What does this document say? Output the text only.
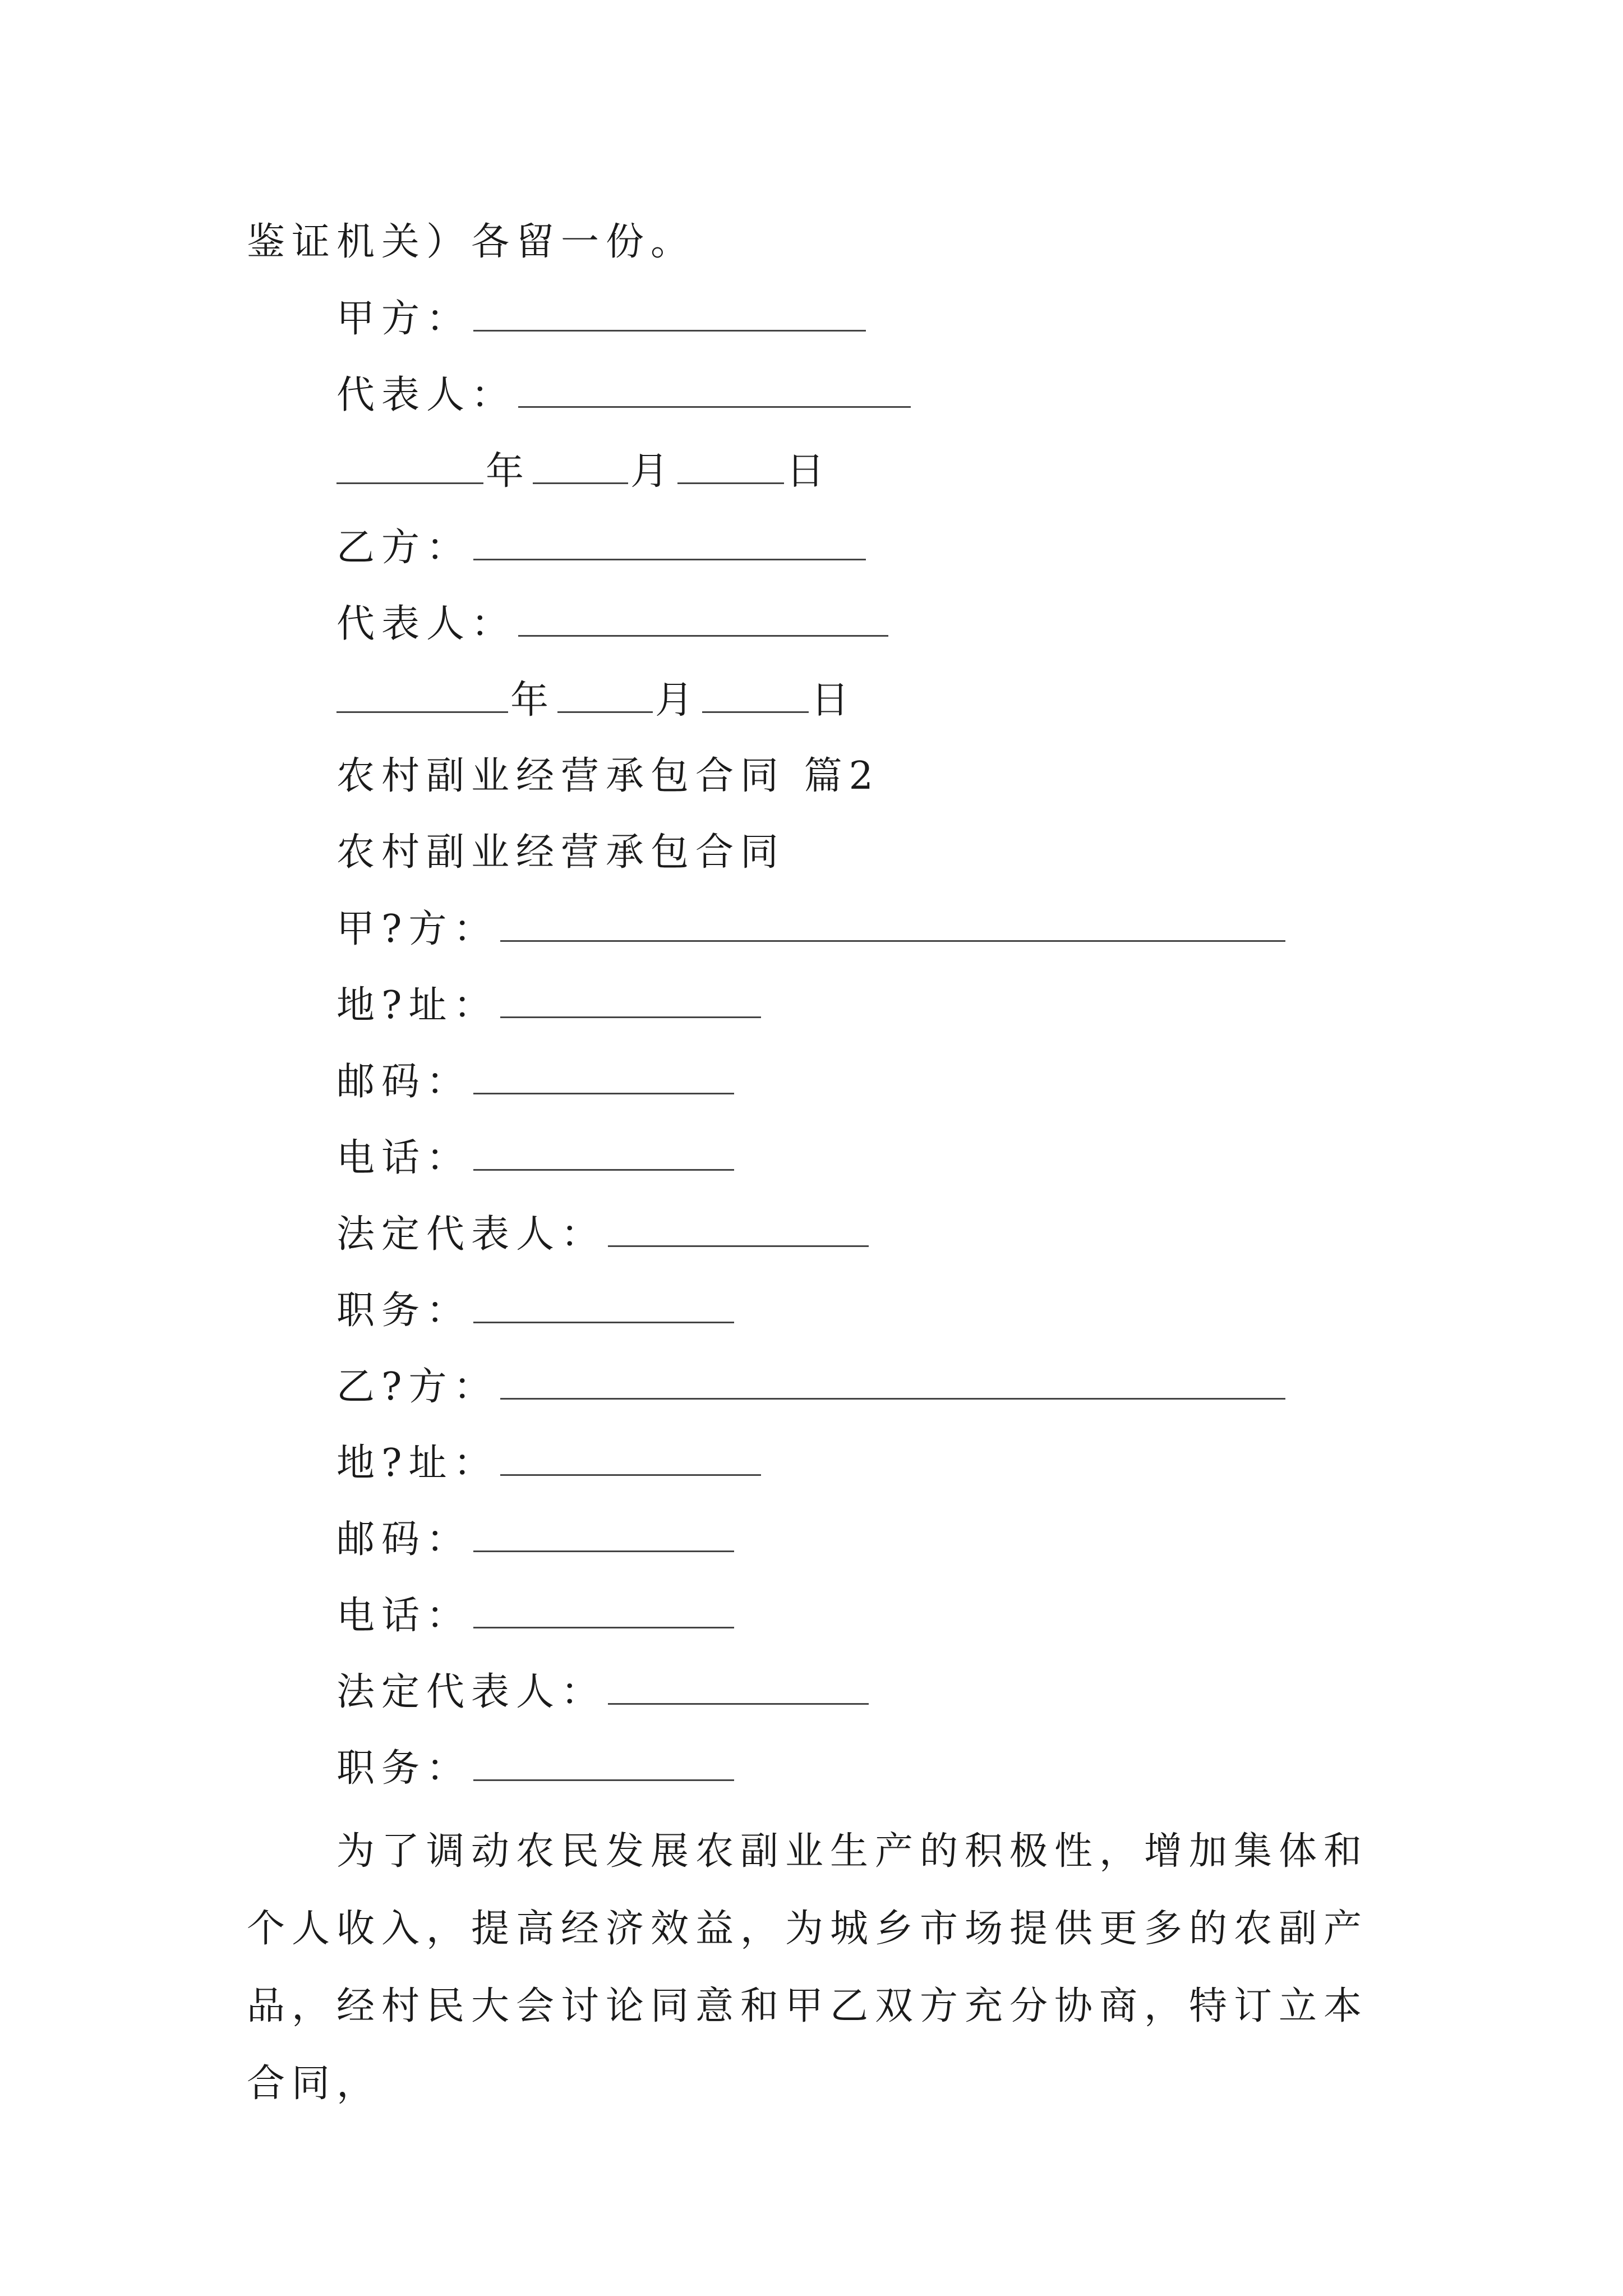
鉴证机关）各留一份。
甲方：
代表人：
年	月	日
乙方：
代表人：
年	月	日
农村副业经营承包合同 篇2
农村副业经营承包合同
甲?方：
地?址：
邮码：
电话：
法定代表人：
职务：
乙?方：
地?址：
邮码：
电话：
法定代表人：
职务：

为了调动农民发展农副业生产的积极性，增加集体和个人收入，提高经济效益，为城乡市场提供更多的农副产品，经村民大会讨论同意和甲乙双方充分协商，特订立本合同，
